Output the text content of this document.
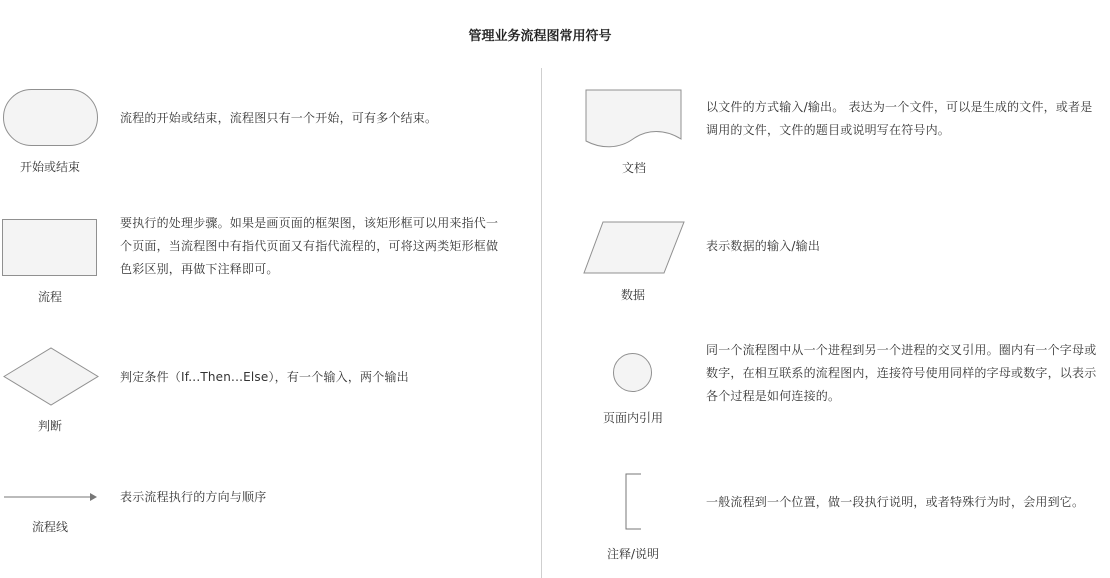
管理业务流程图常用符号
开始或结束
流程的开始或结束，流程图只有一个开始，可有多个结束。
流程
要执行的处理步骤。如果是画页面的框架图，该矩形框可以用来指代一个页面，当流程图中有指代页面又有指代流程的，可将这两类矩形框做色彩区别，再做下注释即可。
判断
判定条件（If...Then...Else），有一个输入，两个输出
流程线
表示流程执行的方向与顺序
文档
以文件的方式输入/输出。 表达为一个文件，可以是生成的文件，或者是调用的文件，文件的题目或说明写在符号内。
数据
表示数据的输入/输出
页面内引用
同一个流程图中从一个进程到另一个进程的交叉引用。圈内有一个字母或数字，在相互联系的流程图内，连接符号使用同样的字母或数字，以表示各个过程是如何连接的。
注释/说明
一般流程到一个位置，做一段执行说明，或者特殊行为时，会用到它。
